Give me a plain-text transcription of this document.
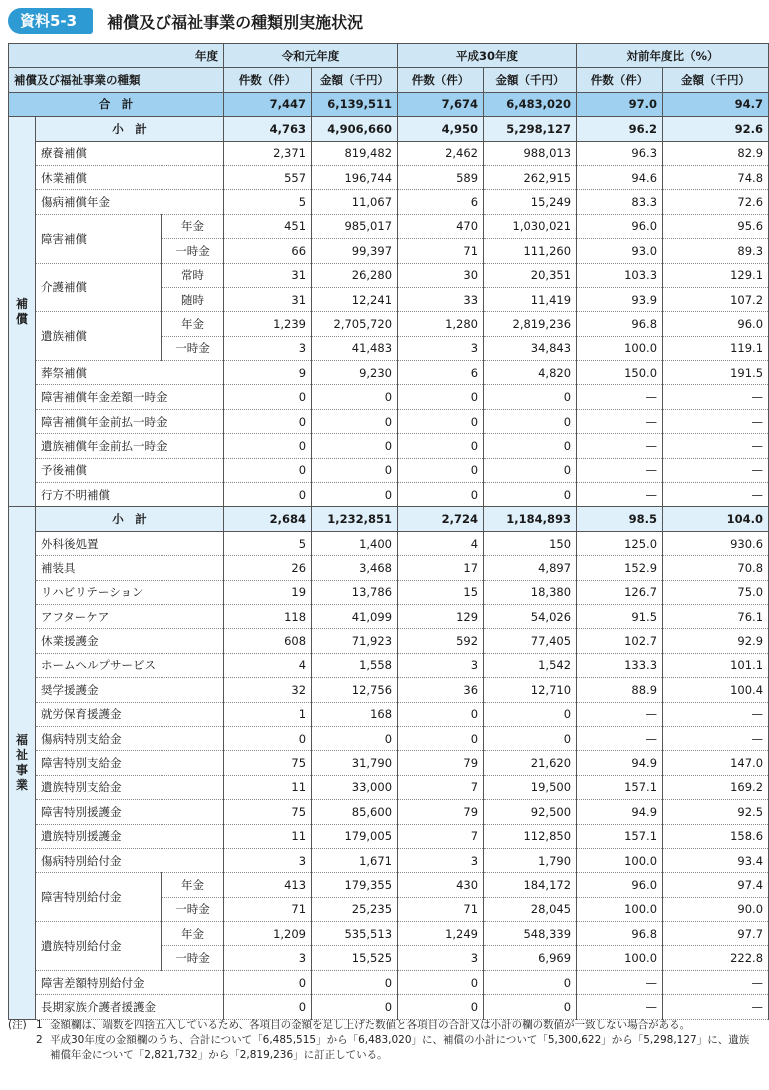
資料5-3	補償及び福祉事業の種類別実施状況
年度			令和元年度		平成30年度		対前年度比（%）	
補償及び福祉事業の種類			件数（件）	金額（千円）	件数（件）	金額（千円）	件数（件）	金額（千円）
合　計			7,447	6,139,511	7,674	6,483,020	97.0	94.7
補償	小　計		4,763	4,906,660	4,950	5,298,127	96.2	92.6
	療養補償		2,371	819,482	2,462	988,013	96.3	82.9
	休業補償		557	196,744	589	262,915	94.6	74.8
	傷病補償年金		5	11,067	6	15,249	83.3	72.6
	障害補償	年金	451	985,017	470	1,030,021	96.0	95.6
		一時金	66	99,397	71	111,260	93.0	89.3
	介護補償	常時	31	26,280	30	20,351	103.3	129.1
		随時	31	12,241	33	11,419	93.9	107.2
	遺族補償	年金	1,239	2,705,720	1,280	2,819,236	96.8	96.0
		一時金	3	41,483	3	34,843	100.0	119.1
	葬祭補償		9	9,230	6	4,820	150.0	191.5
	障害補償年金差額一時金		0	0	0	0	—	—
	障害補償年金前払一時金		0	0	0	0	—	—
	遺族補償年金前払一時金		0	0	0	0	—	—
	予後補償		0	0	0	0	—	—
	行方不明補償		0	0	0	0	—	—
福祉事業	小　計		2,684	1,232,851	2,724	1,184,893	98.5	104.0
	外科後処置		5	1,400	4	150	125.0	930.6
	補装具		26	3,468	17	4,897	152.9	70.8
	リハビリテーション		19	13,786	15	18,380	126.7	75.0
	アフターケア		118	41,099	129	54,026	91.5	76.1
	休業援護金		608	71,923	592	77,405	102.7	92.9
	ホームヘルプサービス		4	1,558	3	1,542	133.3	101.1
	奨学援護金		32	12,756	36	12,710	88.9	100.4
	就労保育援護金		1	168	0	0	—	—
	傷病特別支給金		0	0	0	0	—	—
	障害特別支給金		75	31,790	79	21,620	94.9	147.0
	遺族特別支給金		11	33,000	7	19,500	157.1	169.2
	障害特別援護金		75	85,600	79	92,500	94.9	92.5
	遺族特別援護金		11	179,005	7	112,850	157.1	158.6
	傷病特別給付金		3	1,671	3	1,790	100.0	93.4
	障害特別給付金	年金	413	179,355	430	184,172	96.0	97.4
		一時金	71	25,235	71	28,045	100.0	90.0
	遺族特別給付金	年金	1,209	535,513	1,249	548,339	96.8	97.7
		一時金	3	15,525	3	6,969	100.0	222.8
	障害差額特別給付金		0	0	0	0	—	—
	長期家族介護者援護金		0	0	0	0	—	—
(注) 1 金額欄は、端数を四捨五入しているため、各項目の金額を足し上げた数値と各項目の合計又は小計の欄の数値が一致しない場合がある。
2 平成30年度の金額欄のうち、合計について「6,485,515」から「6,483,020」に、補償の小計について「5,300,622」から「5,298,127」に、遺族補償年金について「2,821,732」から「2,819,236」に訂正している。
